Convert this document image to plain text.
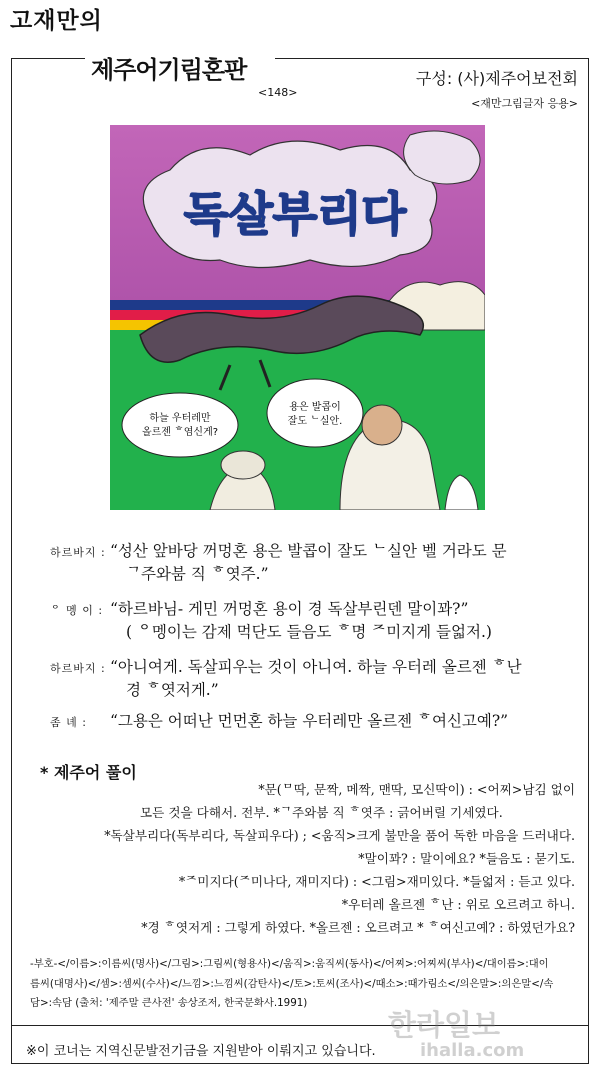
고재만의
제주어기림혼판
<148>
구성: (사)제주어보전회
<재만그림글자 응용>
독살부리다
하늘 우터레만
올르젠 ᄒ염신게?
용은 발콥이
잘도 ᄂ실안.
하르바지 : “성산 앞바당 꺼멍혼 용은 발콥이 잘도 ᄂ실안 벨 거라도 문
ᄀ주와붐 직 ᄒ엿주.”
ᄋ 멩 이 : “하르바님- 게민 꺼멍혼 용이 경 독살부린덴 말이꽈?”
( ᄋ멩이는 감제 먹단도 들음도 ᄒ명 ᄌ미지게 들얿저.)
하르바지 : “아니여게. 독살피우는 것이 아니여. 하늘 우터레 올르젠 ᄒ난
경 ᄒ엿저게.”
좀 녜 :	“그용은 어떠난 먼먼혼 하늘 우터레만 올르젠 ᄒ여신고예?”
* 제주어 풀이
*문(ᄆ딱, 문짝, 메짝, 맨딱, 모신딱이) : <어찌>남김 없이
모든 것을 다해서. 전부. *ᄀ주와붐 직 ᄒ엿주 : 긁어버릴 기세였다.
*독살부리다(독부리다, 독살피우다) ; <움직>크게 불만을 품어 독한 마음을 드러내다.
*말이꽈? : 말이에요? *들음도 : 묻기도.
*ᄌ미지다(ᄌ미나다, 재미지다) : <그림>재미있다. *들얿저 : 듣고 있다.
*우터레 올르젠 ᄒ난 : 위로 오르려고 하니.
*경 ᄒ엿저게 : 그렇게 하였다. *올르젠 : 오르려고 * ᄒ여신고예? : 하였던가요?
-부호-</이름>:이름씨(명사)</그림>:그림씨(형용사)</움직>:움직씨(동사)</어찌>:어찌씨(부사)</대이름>:대이
름씨(대명사)</셈>:셈씨(수사)</느낌>:느낌씨(감탄사)</토>:토씨(조사)</때소>:때가림소</의은말>:의은말</속
담>:속담 (출처: '제주말 큰사전' 송상조저, 한국문화사.1991)
※이 코너는 지역신문발전기금을 지원받아 이뤄지고 있습니다.
한라일보
ihalla.com
